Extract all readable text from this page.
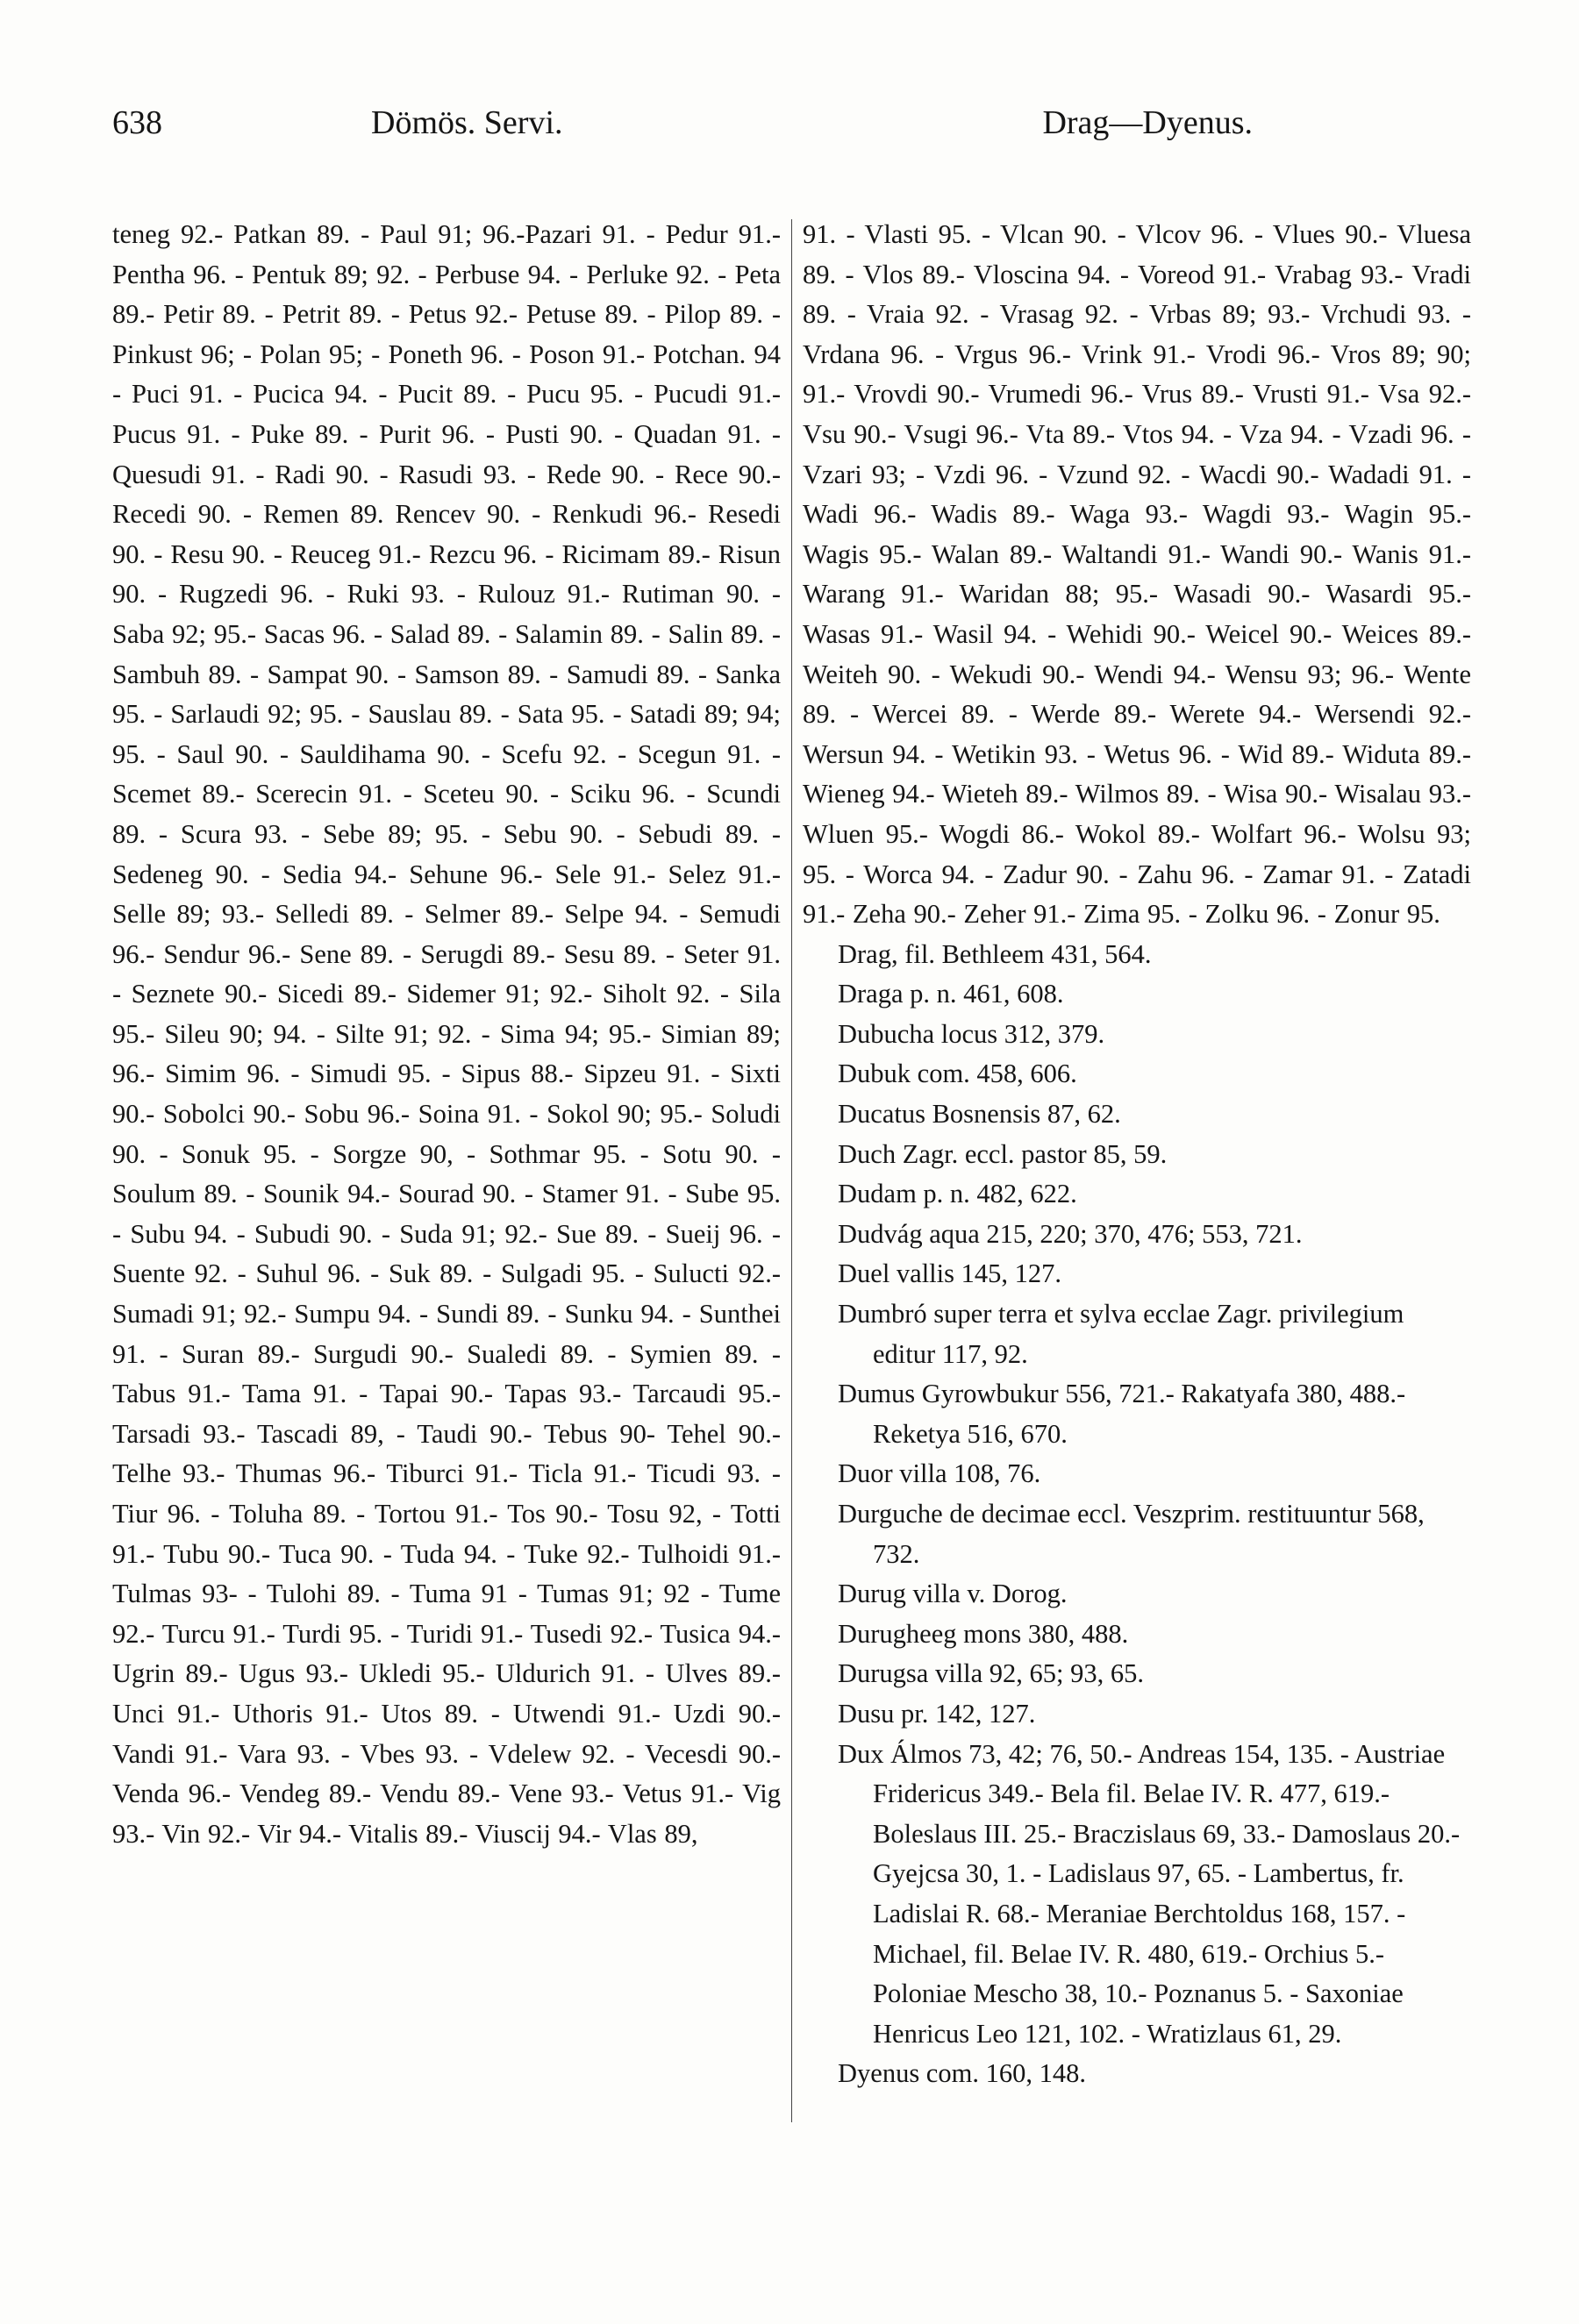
638	Dömös. Servi.	Drag—Dyenus.

teneg 92.- Patkan 89. - Paul 91; 96.-Pazari 91. - Pedur 91.- Pentha 96. - Pentuk 89; 92. - Perbuse 94. - Perluke 92. - Peta 89.- Petir 89. - Petrit 89. - Petus 92.- Petuse 89. - Pilop 89. - Pinkust 96; - Polan 95; - Poneth 96. - Poson 91.- Potchan. 94 - Puci 91. - Pucica 94. - Pucit 89. - Pucu 95. - Pucudi 91.- Pucus 91. - Puke 89. - Purit 96. - Pusti 90. - Quadan 91. - Quesudi 91. - Radi 90. - Rasudi 93. - Rede 90. - Rece 90.- Recedi 90. - Remen 89. Rencev 90. - Renkudi 96.- Resedi 90. - Resu 90. - Reuceg 91.- Rezcu 96. - Ricimam 89.- Risun 90. - Rugzedi 96. - Ruki 93. - Rulouz 91.- Rutiman 90. - Saba 92; 95.- Sacas 96. - Salad 89. - Salamin 89. - Salin 89. - Sambuh 89. - Sampat 90. - Samson 89. - Samudi 89. - Sanka 95. - Sarlaudi 92; 95. - Sauslau 89. - Sata 95. - Satadi 89; 94; 95. - Saul 90. - Sauldihama 90. - Scefu 92. - Scegun 91. - Scemet 89.- Scerecin 91. - Sceteu 90. - Sciku 96. - Scundi 89. - Scura 93. - Sebe 89; 95. - Sebu 90. - Sebudi 89. - Sedeneg 90. - Sedia 94.- Sehune 96.- Sele 91.- Selez 91.- Selle 89; 93.- Selledi 89. - Selmer 89.- Selpe 94. - Semudi 96.- Sendur 96.- Sene 89. - Serugdi 89.- Sesu 89. - Seter 91. - Seznete 90.- Sicedi 89.- Sidemer 91; 92.- Siholt 92. - Sila 95.- Sileu 90; 94. - Silte 91; 92. - Sima 94; 95.- Simian 89; 96.- Simim 96. - Simudi 95. - Sipus 88.- Sipzeu 91. - Sixti 90.- Sobolci 90.- Sobu 96.- Soina 91. - Sokol 90; 95.- Soludi 90. - Sonuk 95. - Sorgze 90, - Sothmar 95. - Sotu 90. - Soulum 89. - Sounik 94.- Sourad 90. - Stamer 91. - Sube 95. - Subu 94. - Subudi 90. - Suda 91; 92.- Sue 89. - Sueij 96. - Suente 92. - Suhul 96. - Suk 89. - Sulgadi 95. - Sulucti 92.- Sumadi 91; 92.- Sumpu 94. - Sundi 89. - Sunku 94. - Sunthei 91. - Suran 89.- Surgudi 90.- Sualedi 89. - Symien 89. - Tabus 91.- Tama 91. - Tapai 90.- Tapas 93.- Tarcaudi 95.- Tarsadi 93.- Tascadi 89, - Taudi 90.- Tebus 90- Tehel 90.- Telhe 93.- Thumas 96.- Tiburci 91.- Ticla 91.- Ticudi 93. - Tiur 96. - Toluha 89. - Tortou 91.- Tos 90.- Tosu 92, - Totti 91.- Tubu 90.- Tuca 90. - Tuda 94. - Tuke 92.- Tulhoidi 91.- Tulmas 93- - Tulohi 89. - Tuma 91 - Tumas 91; 92 - Tume 92.- Turcu 91.- Turdi 95. - Turidi 91.- Tusedi 92.- Tusica 94.- Ugrin 89.- Ugus 93.- Ukledi 95.- Uldurich 91. - Ulves 89.- Unci 91.- Uthoris 91.- Utos 89. - Utwendi 91.- Uzdi 90.- Vandi 91.- Vara 93. - Vbes 93. - Vdelew 92. - Vecesdi 90.- Venda 96.- Vendeg 89.- Vendu 89.- Vene 93.- Vetus 91.- Vig 93.- Vin 92.- Vir 94.- Vitalis 89.- Viuscij 94.- Vlas 89,

91. - Vlasti 95. - Vlcan 90. - Vlcov 96. - Vlues 90.- Vluesa 89. - Vlos 89.- Vloscina 94. - Voreod 91.- Vrabag 93.- Vradi 89. - Vraia 92. - Vrasag 92. - Vrbas 89; 93.- Vrchudi 93. - Vrdana 96. - Vrgus 96.- Vrink 91.- Vrodi 96.- Vros 89; 90; 91.- Vrovdi 90.- Vrumedi 96.- Vrus 89.- Vrusti 91.- Vsa 92.- Vsu 90.- Vsugi 96.- Vta 89.- Vtos 94. - Vza 94. - Vzadi 96. - Vzari 93; - Vzdi 96. - Vzund 92. - Wacdi 90.- Wadadi 91. - Wadi 96.- Wadis 89.- Waga 93.- Wagdi 93.- Wagin 95.- Wagis 95.- Walan 89.- Waltandi 91.- Wandi 90.- Wanis 91.- Warang 91.- Waridan 88; 95.- Wasadi 90.- Wasardi 95.- Wasas 91.- Wasil 94. - Wehidi 90.- Weicel 90.- Weices 89.- Weiteh 90. - Wekudi 90.- Wendi 94.- Wensu 93; 96.- Wente 89. - Wercei 89. - Werde 89.- Werete 94.- Wersendi 92.- Wersun 94. - Wetikin 93. - Wetus 96. - Wid 89.- Widuta 89.- Wieneg 94.- Wieteh 89.- Wilmos 89. - Wisa 90.- Wisalau 93.- Wluen 95.- Wogdi 86.- Wokol 89.- Wolfart 96.- Wolsu 93; 95. - Worca 94. - Zadur 90. - Zahu 96. - Zamar 91. - Zatadi 91.- Zeha 90.- Zeher 91.- Zima 95. - Zolku 96. - Zonur 95.

Drag, fil. Bethleem 431, 564.
Draga p. n. 461, 608.
Dubucha locus 312, 379.
Dubuk com. 458, 606.
Ducatus Bosnensis 87, 62.
Duch Zagr. eccl. pastor 85, 59.
Dudam p. n. 482, 622.
Dudvág aqua 215, 220; 370, 476; 553, 721.
Duel vallis 145, 127.
Dumbró super terra et sylva ecclae Zagr. privilegium editur 117, 92.
Dumus Gyrowbukur 556, 721.- Rakatyafa 380, 488.- Reketya 516, 670.
Duor villa 108, 76.
Durguche de decimae eccl. Veszprim. restituuntur 568, 732.
Durug villa v. Dorog.
Durugheeg mons 380, 488.
Durugsa villa 92, 65; 93, 65.
Dusu pr. 142, 127.
Dux Álmos 73, 42; 76, 50.- Andreas 154, 135. - Austriae Fridericus 349.- Bela fil. Belae IV. R. 477, 619.- Boleslaus III. 25.- Braczislaus 69, 33.- Damoslaus 20.- Gyejcsa 30, 1. - Ladislaus 97, 65. - Lambertus, fr. Ladislai R. 68.- Meraniae Berchtoldus 168, 157. - Michael, fil. Belae IV. R. 480, 619.- Orchius 5.- Poloniae Mescho 38, 10.- Poznanus 5. - Saxoniae Henricus Leo 121, 102. - Wratizlaus 61, 29.
Dyenus com. 160, 148.
